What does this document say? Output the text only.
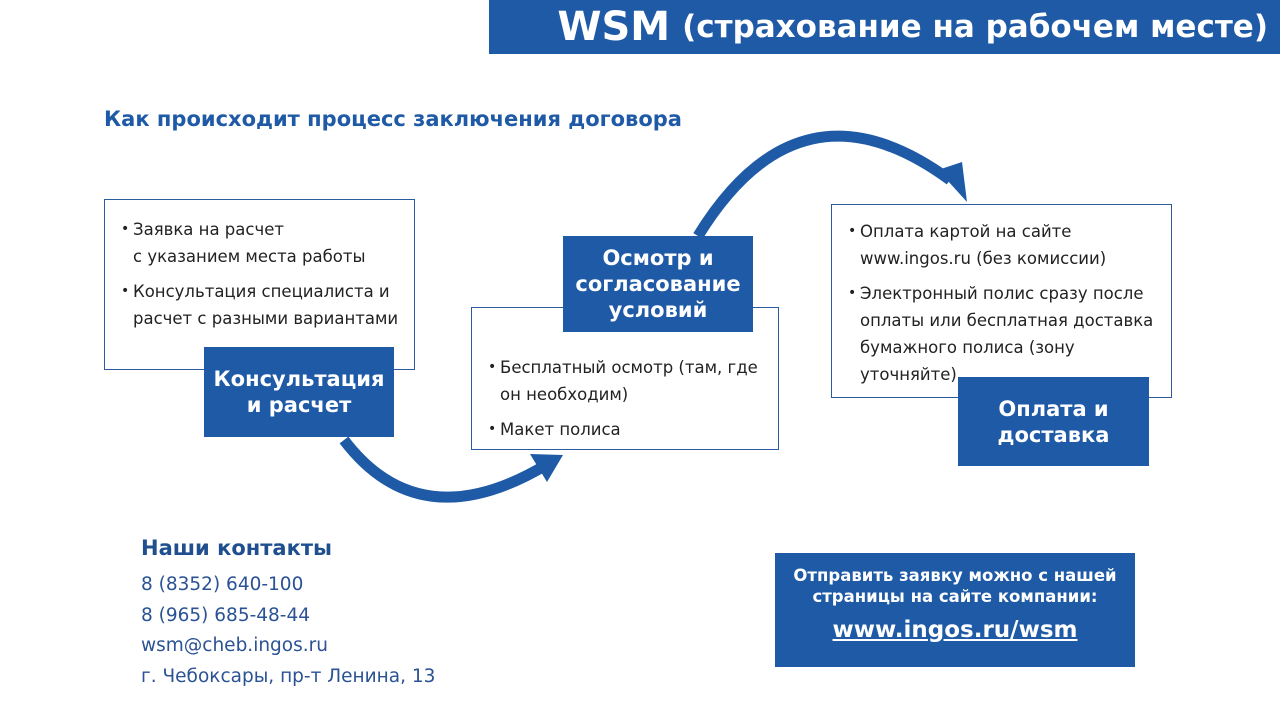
WSM (страхование на рабочем месте)
Как происходит процесс заключения договора
• Заявка на расчет
с указанием места работы
• Консультация специалиста и расчет с разными вариантами
Консультация
и расчет
• Бесплатный осмотр (там, где он необходим)
• Макет полиса
Осмотр и согласование условий
• Оплата картой на сайте www.ingos.ru (без комиссии)
• Электронный полис сразу после оплаты или бесплатная доставка бумажного полиса (зону уточняйте)
Оплата и доставка
Наши контакты
8 (8352) 640-100
8 (965) 685-48-44
wsm@cheb.ingos.ru
г. Чебоксары, пр-т Ленина, 13
Отправить заявку можно с нашей страницы на сайте компании:
www.ingos.ru/wsm
